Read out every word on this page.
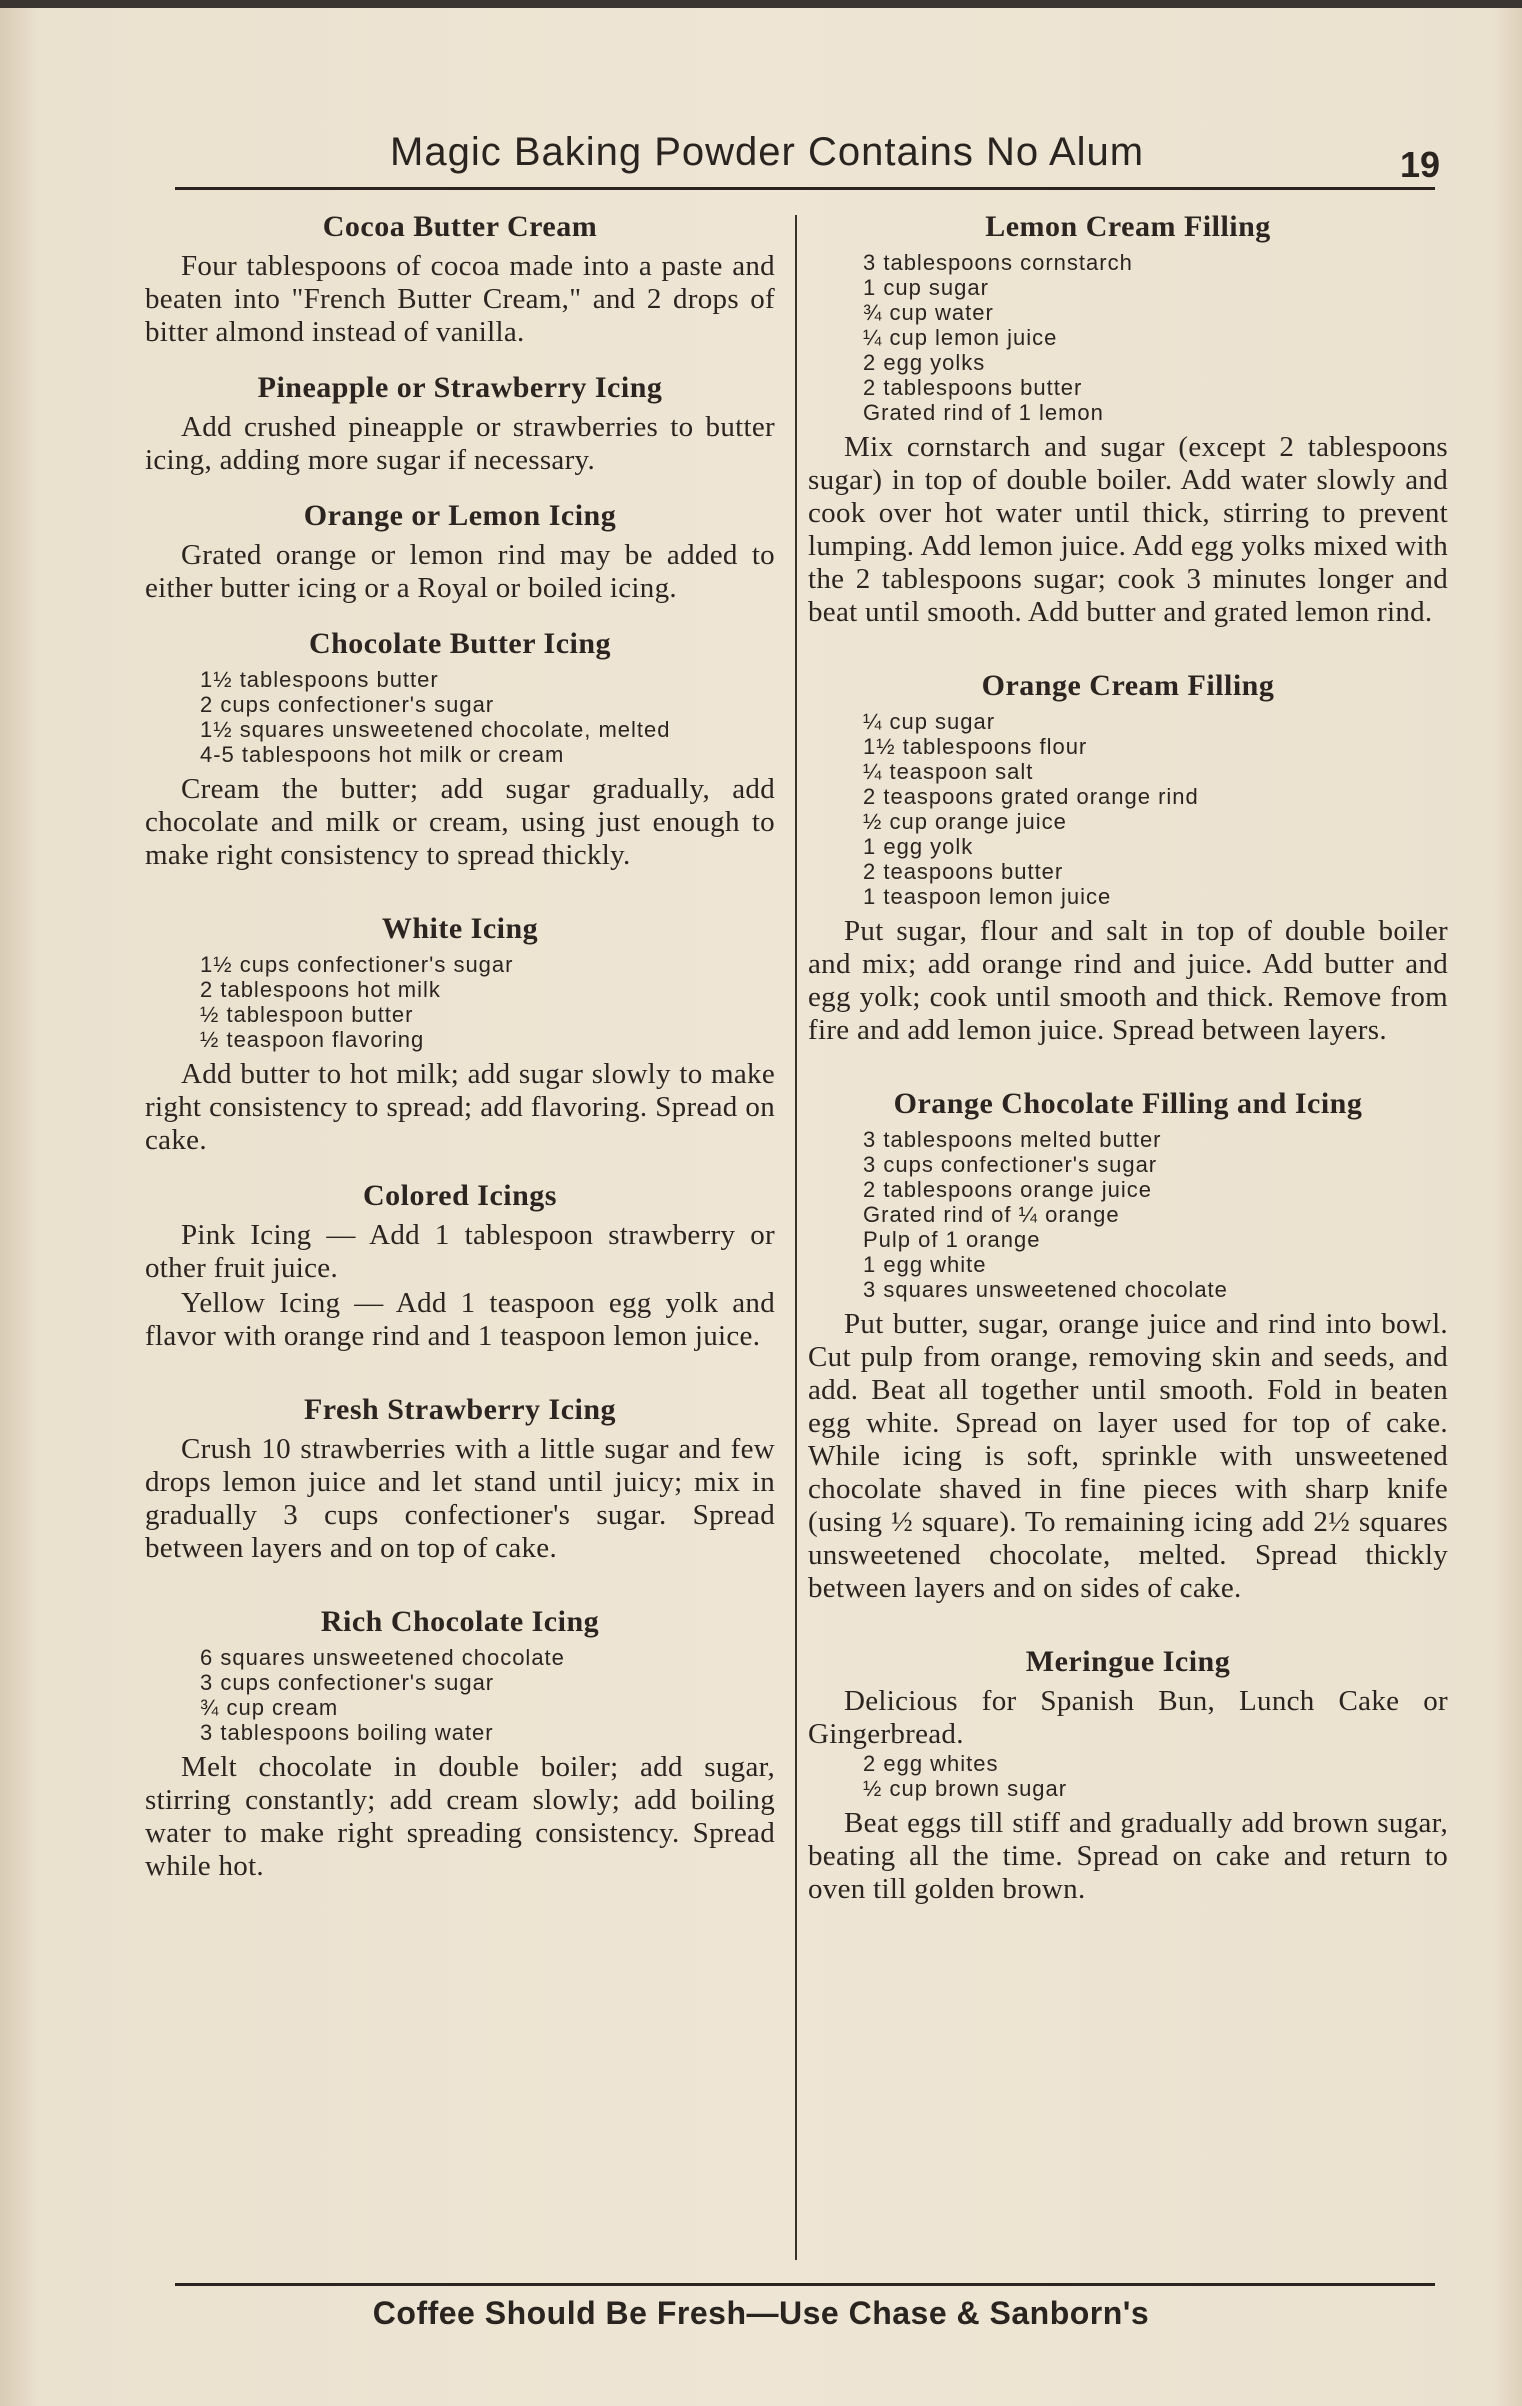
Magic Baking Powder Contains No Alum	19
Cocoa Butter Cream

Four tablespoons of cocoa made into a paste and beaten into "French Butter Cream," and 2 drops of bitter almond instead of vanilla.

Pineapple or Strawberry Icing

Add crushed pineapple or strawberries to butter icing, adding more sugar if necessary.

Orange or Lemon Icing

Grated orange or lemon rind may be added to either butter icing or a Royal or boiled icing.

Chocolate Butter Icing
1½ tablespoons butter
2 cups confectioner's sugar
1½ squares unsweetened chocolate, melted
4-5 tablespoons hot milk or cream

Cream the butter; add sugar gradually, add chocolate and milk or cream, using just enough to make right consistency to spread thickly.

White Icing
1½ cups confectioner's sugar
2 tablespoons hot milk
½ tablespoon butter
½ teaspoon flavoring

Add butter to hot milk; add sugar slowly to make right consistency to spread; add flavoring. Spread on cake.

Colored Icings

Pink Icing — Add 1 tablespoon strawberry or other fruit juice.

Yellow Icing — Add 1 teaspoon egg yolk and flavor with orange rind and 1 teaspoon lemon juice.

Fresh Strawberry Icing

Crush 10 strawberries with a little sugar and few drops lemon juice and let stand until juicy; mix in gradually 3 cups confectioner's sugar. Spread between layers and on top of cake.

Rich Chocolate Icing
6 squares unsweetened chocolate
3 cups confectioner's sugar
¾ cup cream
3 tablespoons boiling water

Melt chocolate in double boiler; add sugar, stirring constantly; add cream slowly; add boiling water to make right spreading consistency. Spread while hot.

Lemon Cream Filling
3 tablespoons cornstarch
1 cup sugar
¾ cup water
¼ cup lemon juice
2 egg yolks
2 tablespoons butter
Grated rind of 1 lemon

Mix cornstarch and sugar (except 2 tablespoons sugar) in top of double boiler. Add water slowly and cook over hot water until thick, stirring to prevent lumping. Add lemon juice. Add egg yolks mixed with the 2 tablespoons sugar; cook 3 minutes longer and beat until smooth. Add butter and grated lemon rind.

Orange Cream Filling
¼ cup sugar
1½ tablespoons flour
¼ teaspoon salt
2 teaspoons grated orange rind
½ cup orange juice
1 egg yolk
2 teaspoons butter
1 teaspoon lemon juice

Put sugar, flour and salt in top of double boiler and mix; add orange rind and juice. Add butter and egg yolk; cook until smooth and thick. Remove from fire and add lemon juice. Spread between layers.

Orange Chocolate Filling and Icing
3 tablespoons melted butter
3 cups confectioner's sugar
2 tablespoons orange juice
Grated rind of ¼ orange
Pulp of 1 orange
1 egg white
3 squares unsweetened chocolate

Put butter, sugar, orange juice and rind into bowl. Cut pulp from orange, removing skin and seeds, and add. Beat all together until smooth. Fold in beaten egg white. Spread on layer used for top of cake. While icing is soft, sprinkle with unsweetened chocolate shaved in fine pieces with sharp knife (using ½ square). To remaining icing add 2½ squares unsweetened chocolate, melted. Spread thickly between layers and on sides of cake.

Meringue Icing

Delicious for Spanish Bun, Lunch Cake or Gingerbread.

2 egg whites
½ cup brown sugar

Beat eggs till stiff and gradually add brown sugar, beating all the time. Spread on cake and return to oven till golden brown.

Coffee Should Be Fresh—Use Chase & Sanborn's
